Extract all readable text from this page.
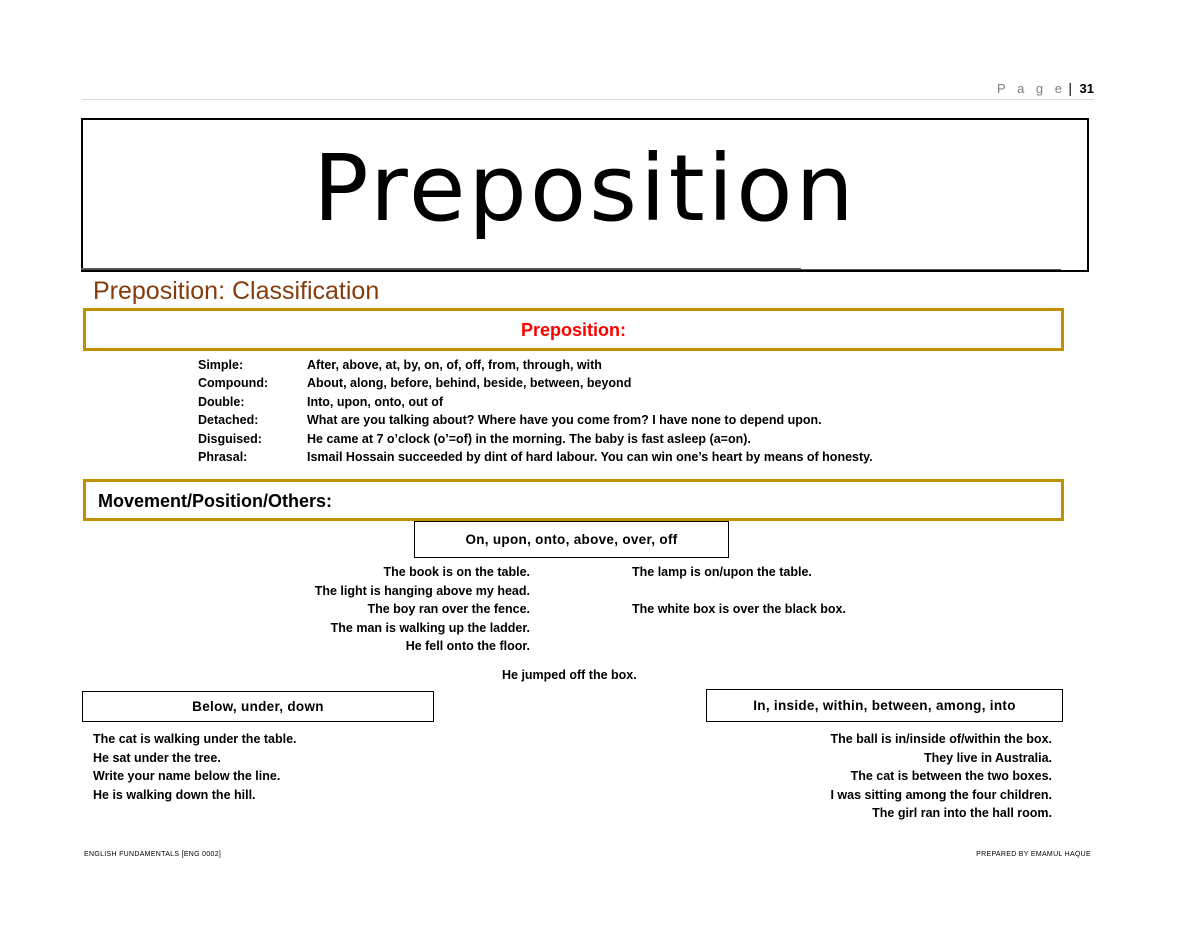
P a g e | 31
Preposition
Preposition: Classification
Preposition:
Simple:	After, above, at, by, on, of, off, from, through, with
Compound:	About, along, before, behind, beside, between, beyond
Double:	Into, upon, onto, out of
Detached:	What are you talking about? Where have you come from? I have none to depend upon.
Disguised:	He came at 7 o’clock (o’=of) in the morning. The baby is fast asleep (a=on).
Phrasal:	Ismail Hossain succeeded by dint of hard labour. You can win one’s heart by means of honesty.
Movement/Position/Others:
On, upon, onto, above, over, off
The book is on the table.
The light is hanging above my head.
The boy ran over the fence.
The man is walking up the ladder.
He fell onto the floor.
The lamp is on/upon the table.
The white box is over the black box.
He jumped off the box.
Below, under, down
The cat is walking under the table.
He sat under the tree.
Write your name below the line.
He is walking down the hill.
In, inside, within, between, among, into
The ball is in/inside of/within the box.
They live in Australia.
The cat is between the two boxes.
I was sitting among the four children.
The girl ran into the hall room.
ENGLISH FUNDAMENTALS [ENG 0002]	PREPARED BY EMAMUL HAQUE
